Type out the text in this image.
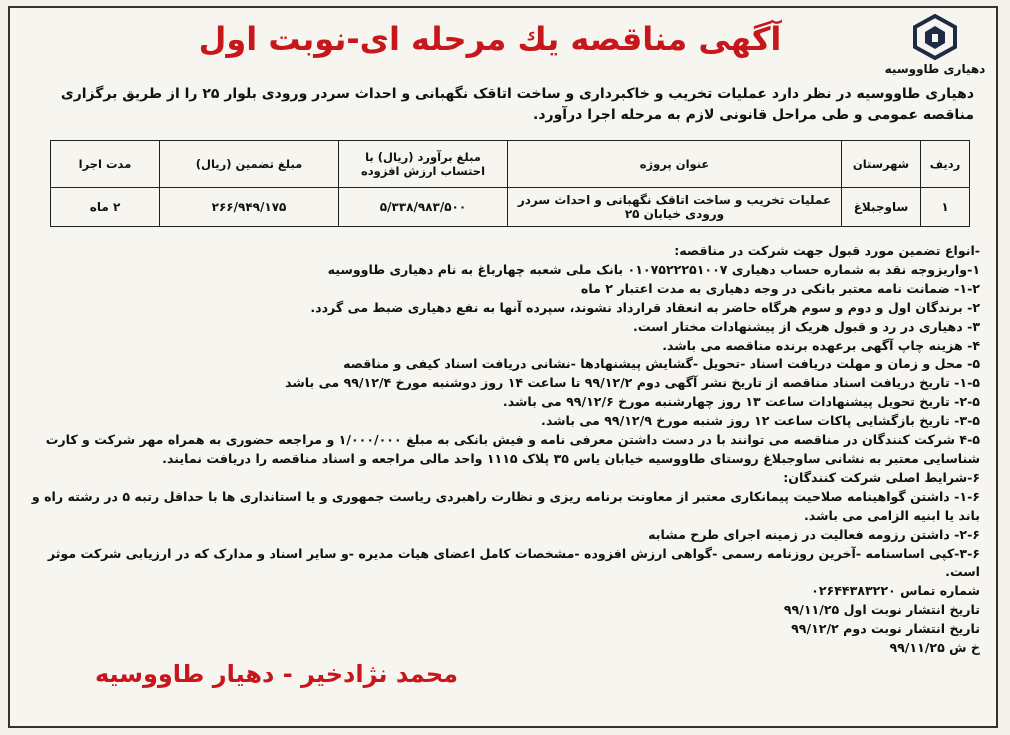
دهیاری طاووسیه
آگهی مناقصه يك مرحله ای-نوبت اول
دهیاری طاووسیه در نظر دارد عملیات تخریب و خاکبرداری و ساخت اتاقک نگهبانی و احداث سردر ورودی بلوار ۲۵ را از طریق برگزاری مناقصه عمومی و طی مراحل قانونی لازم به مرحله اجرا درآورد.
ردیف	شهرستان	عنوان پروژه	مبلغ برآورد (ریال) با احتساب ارزش افزوده	مبلغ تضمین (ریال)	مدت اجرا
۱	ساوجبلاغ	عملیات تخریب و ساخت اتاقک نگهبانی و احداث سردر ورودی خیابان ۲۵	۵/۳۳۸/۹۸۳/۵۰۰	۲۶۶/۹۴۹/۱۷۵	۲ ماه

-انواع تضمین مورد قبول جهت شرکت در مناقصه:

۱-واریزوجه نقد به شماره حساب دهیاری ۰۱۰۷۵۲۲۲۵۱۰۰۷ بانک ملی شعبه چهارباغ به نام دهیاری طاووسیه

۱-۲- ضمانت نامه معتبر بانکی در وجه دهیاری به مدت اعتبار ۲ ماه

۲- برندگان اول و دوم و سوم هرگاه حاضر به انعقاد قرارداد نشوند، سپرده آنها به نفع دهیاری ضبط می گردد.

۳- دهیاری در رد و قبول هریک از پیشنهادات مختار است.

۴- هزینه چاپ آگهی برعهده برنده مناقصه می باشد.

۵- محل و زمان و مهلت دریافت اسناد -تحویل -گشایش پیشنهادها -نشانی دریافت اسناد کیفی و مناقصه

۱-۵- تاریخ دریافت اسناد مناقصه از تاریخ نشر آگهی دوم ۹۹/۱۲/۲ تا ساعت ۱۴ روز دوشنبه مورخ ۹۹/۱۲/۴ می باشد

۲-۵- تاریخ تحویل پیشنهادات ساعت ۱۳ روز چهارشنبه مورخ ۹۹/۱۲/۶ می باشد.

۳-۵- تاریخ بازگشایی پاکات ساعت ۱۲ روز شنبه مورخ ۹۹/۱۲/۹ می باشد.

۴-۵ شرکت کنندگان در مناقصه می توانند با در دست داشتن معرفی نامه و فیش بانکی به مبلغ ۱/۰۰۰/۰۰۰ و مراجعه حضوری به همراه مهر شرکت و کارت شناسایی معتبر به نشانی ساوجبلاغ روستای طاووسیه خیابان یاس ۳۵ پلاک ۱۱۱۵ واحد مالی مراجعه و اسناد مناقصه را دریافت نمایند.

۶-شرایط اصلی شرکت کنندگان:

۱-۶- داشتن گواهینامه صلاحیت پیمانکاری معتبر از معاونت برنامه ریزی و نظارت راهبردی ریاست جمهوری و یا استانداری ها با حداقل رتبه ۵ در رشته راه و باند یا ابنیه الزامی می باشد.

۲-۶- داشتن رزومه فعالیت در زمینه اجرای طرح مشابه

۳-۶-کپی اساسنامه -آخرین روزنامه رسمی -گواهی ارزش افزوده -مشخصات کامل اعضای هیات مدیره -و سایر اسناد و مدارک که در ارزیابی شرکت موثر است.

شماره تماس ۰۲۶۴۴۳۸۳۲۲۰

تاریخ انتشار نوبت اول ۹۹/۱۱/۲۵

تاریخ انتشار نوبت دوم ۹۹/۱۲/۲

خ ش ۹۹/۱۱/۲۵

محمد نژادخیر - دهیار طاووسیه
